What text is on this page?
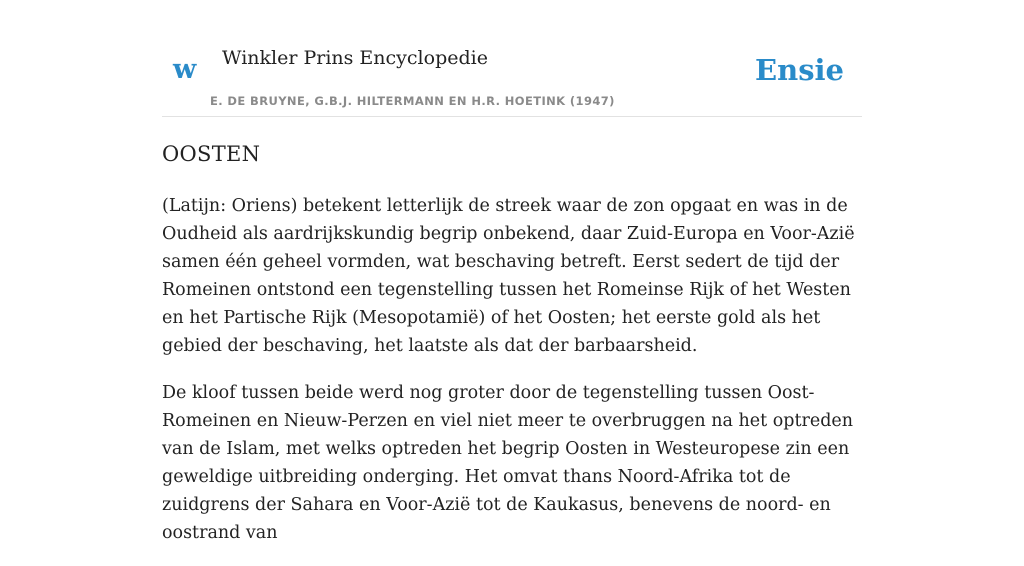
w Winkler Prins Encyclopedie
E. DE BRUYNE, G.B.J. HILTERMANN EN H.R. HOETINK (1947)
Ensie
OOSTEN

(Latijn: Oriens) betekent letterlijk de streek waar de zon opgaat en was in de Oudheid als aardrijkskundig begrip onbekend, daar Zuid-Europa en Voor-Azië samen één geheel vormden, wat beschaving betreft. Eerst sedert de tijd der Romeinen ontstond een tegenstelling tussen het Romeinse Rijk of het Westen en het Partische Rijk (Mesopotamië) of het Oosten; het eerste gold als het gebied der beschaving, het laatste als dat der barbaarsheid.

De kloof tussen beide werd nog groter door de tegenstelling tussen Oost-Romeinen en Nieuw-Perzen en viel niet meer te overbruggen na het optreden van de Islam, met welks optreden het begrip Oosten in Westeuropese zin een geweldige uitbreiding onderging. Het omvat thans Noord-Afrika tot de zuidgrens der Sahara en Voor-Azië tot de Kaukasus, benevens de noord- en oostrand van
